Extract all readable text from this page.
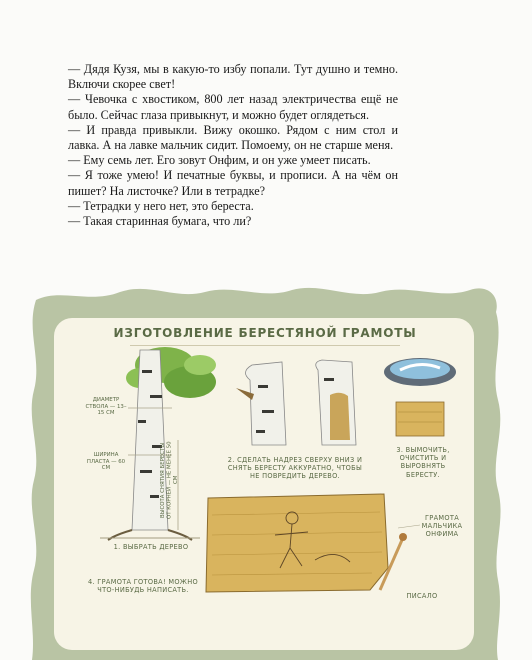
— Дядя Кузя, мы в какую-то избу попали. Тут душно и темно. Включи скорее свет!

— Чевочка с хвостиком, 800 лет назад электричества ещё не было. Сейчас глаза привыкнут, и можно будет оглядеться.

— И правда привыкли. Вижу окошко. Рядом с ним стол и лавка. А на лавке мальчик сидит. Помоему, он не старше меня.

— Ему семь лет. Его зовут Онфим, и он уже умеет писать.

— Я тоже умею! И печатные буквы, и прописи. А на чём он пишет? На листочке? Или в тетрадке?

— Тетрадки у него нет, это береста.

— Такая старинная бумага, что ли?

ИЗГОТОВЛЕНИЕ БЕРЕСТЯНОЙ ГРАМОТЫ
ДИАМЕТР СТВОЛА — 13–15 СМ
ШИРИНА ПЛАСТА — 60 СМ	ВЫСОТА СНЯТИЯ БЕРЕСТЫ ОТ КОРНЕЙ — НЕ МЕНЕЕ 50 СМ
1. ВЫБРАТЬ ДЕРЕВО
2. СДЕЛАТЬ НАДРЕЗ СВЕРХУ ВНИЗ И СНЯТЬ БЕРЕСТУ АККУРАТНО, ЧТОБЫ НЕ ПОВРЕДИТЬ ДЕРЕВО.
3. ВЫМОЧИТЬ, ОЧИСТИТЬ И ВЫРОВНЯТЬ БЕРЕСТУ.
4. ГРАМОТА ГОТОВА! МОЖНО ЧТО-НИБУДЬ НАПИСАТЬ.
ГРАМОТА МАЛЬЧИКА ОНФИМА
ПИСАЛО
